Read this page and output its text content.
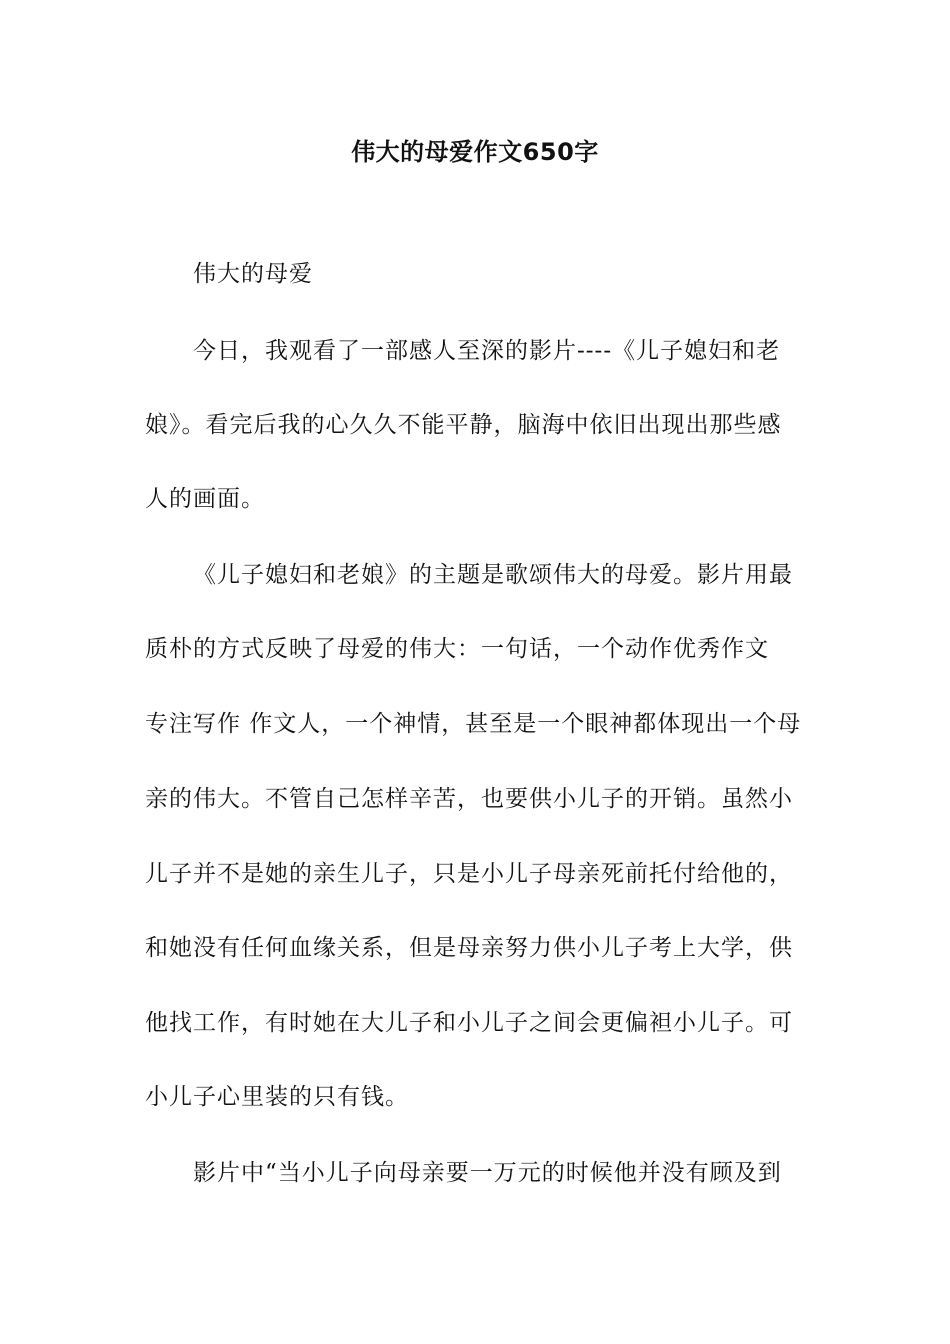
伟大的母爱作文650字
伟大的母爱
今日，我观看了一部感人至深的影片----《儿子媳妇和老
娘》。看完后我的心久久不能平静，脑海中依旧出现出那些感
人的画面。
《儿子媳妇和老娘》的主题是歌颂伟大的母爱。影片用最
质朴的方式反映了母爱的伟大：一句话，一个动作优秀作文
专注写作 作文人，一个神情，甚至是一个眼神都体现出一个母
亲的伟大。不管自己怎样辛苦，也要供小儿子的开销。虽然小
儿子并不是她的亲生儿子，只是小儿子母亲死前托付给他的，
和她没有任何血缘关系，但是母亲努力供小儿子考上大学，供
他找工作，有时她在大儿子和小儿子之间会更偏袒小儿子。可
小儿子心里装的只有钱。
影片中“当小儿子向母亲要一万元的时候他并没有顾及到
